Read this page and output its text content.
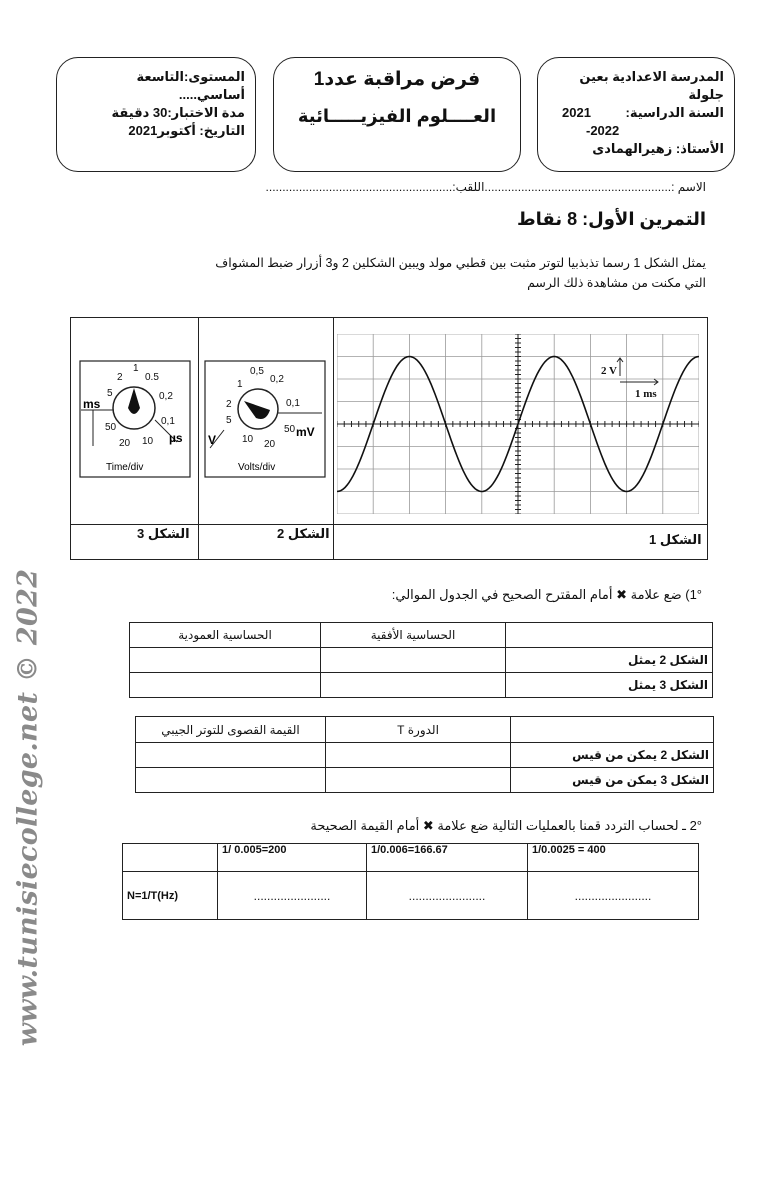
www.tunisiecollege.net © 2022
المستوى:التاسعة
أساسي.....
مدة الاختبار:30 دقيقة
التاريخ: أكتوبر2021
فرض مراقبة عدد1
العــــلوم الفيزيـــــائية
المدرسة الاعدادية بعين
جلولة
السنة الدراسية:
2021
-2022
الأستاذ: زهيرالهمادى
الاسم :........................................................اللقب:........................................................
التمرين الأول: 8 نقاط
يمثل الشكل 1 رسما تذبذبيا لتوتر مثبت بين قطبي مولد ويبين الشكلين 2 و3 أزرار ضبط المشواف
التي مكنت من مشاهدة ذلك الرسم
1
0.5
0,2
0,1
10
20
50
5
2
ms
µs
Time/div
0,5
0,2
0,1
50
20
10
5
2
1
V
mV
Volts/div
2 V
1 ms
الشكل 3	الشكل 2	الشكل 1
1°) ضع علامة ✖ أمام المقترح الصحيح في الجدول الموالي:
	الحساسية الأفقية	الحساسية العمودية
الشكل 2 يمثل		
الشكل 3 يمثل		
	الدورة T	القيمة القصوى للتوتر الجيبي
الشكل 2 يمكن من قيس		
الشكل 3 يمكن من قيس		
2° ـ لحساب التردد قمنا بالعمليات التالية ضع علامة ✖ أمام القيمة الصحيحة
1/0.0025 = 400	1/0.006=166.67	1/ 0.005=200	
.......................	.......................	.......................	N=1/T(Hz)
